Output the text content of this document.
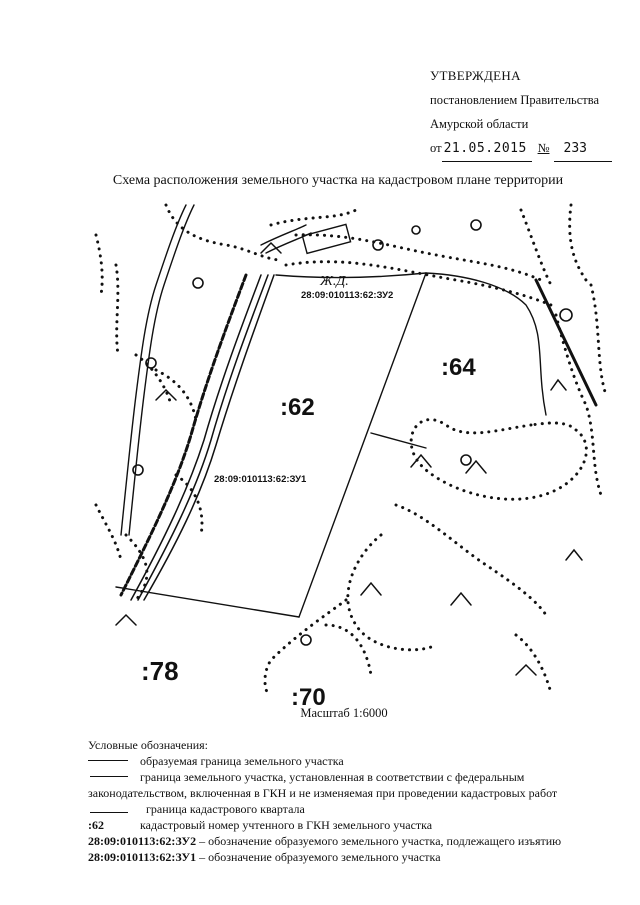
УТВЕРЖДЕНА
постановлением Правительства
Амурской области
от 21.05.2015 №	233
Схема расположения земельного участка на кадастровом плане территории
:62
:64
:78
:70
28:09:010113:62:ЗУ1
28:09:010113:62:ЗУ2
Ж.Д.
Масштаб 1:6000
Условные обозначения:
образуемая граница земельного участка
граница земельного участка, установленная в соответствии с федеральным
законодательством, включенная в ГКН и не изменяемая при проведении кадастровых работ
граница кадастрового квартала
:62	кадастровый номер учтенного в ГКН земельного участка
28:09:010113:62:ЗУ2 – обозначение образуемого земельного участка, подлежащего изъятию
28:09:010113:62:ЗУ1 – обозначение образуемого земельного участка
